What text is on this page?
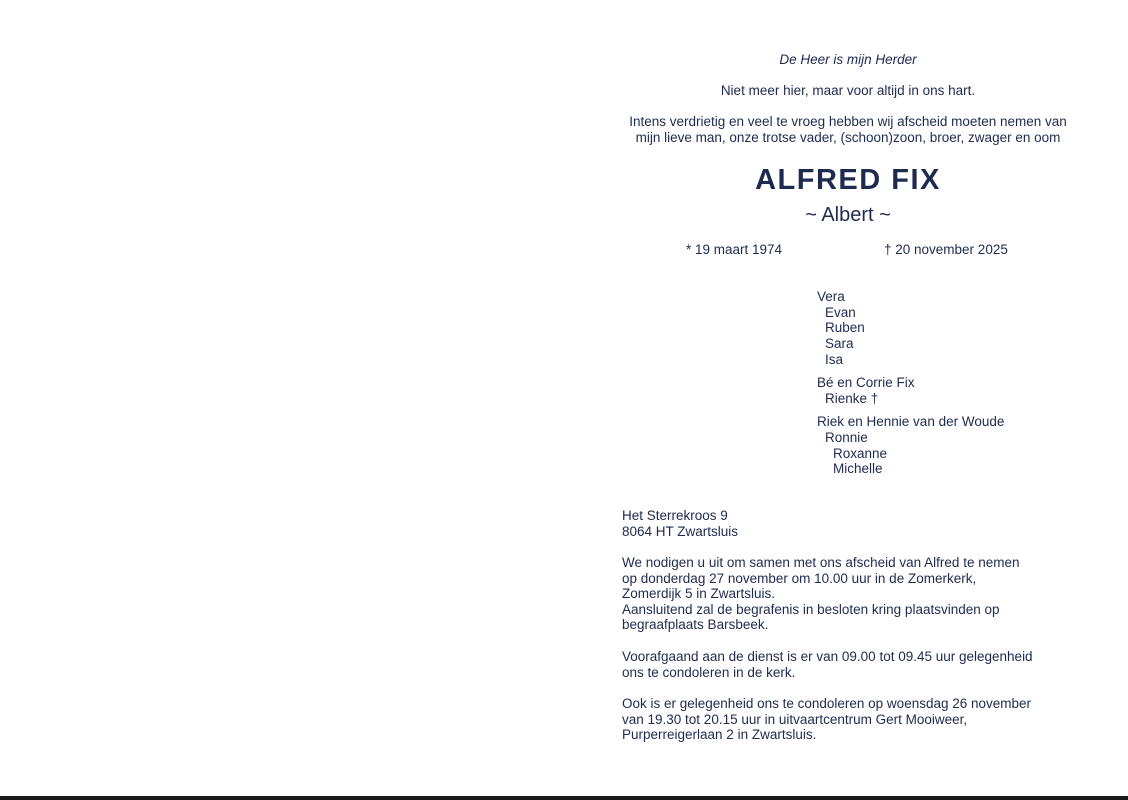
De Heer is mijn Herder
Niet meer hier, maar voor altijd in ons hart.
Intens verdrietig en veel te vroeg hebben wij afscheid moeten nemen van
mijn lieve man, onze trotse vader, (schoon)zoon, broer, zwager en oom
ALFRED FIX
~ Albert ~
* 19 maart 1974	† 20 november 2025
Vera
Evan
Ruben
Sara
Isa
Bé en Corrie Fix
Rienke †
Riek en Hennie van der Woude
Ronnie
Roxanne
Michelle
Het Sterrekroos 9
8064 HT Zwartsluis
We nodigen u uit om samen met ons afscheid van Alfred te nemen
op donderdag 27 november om 10.00 uur in de Zomerkerk,
Zomerdijk 5 in Zwartsluis.
Aansluitend zal de begrafenis in besloten kring plaatsvinden op
begraafplaats Barsbeek.
Voorafgaand aan de dienst is er van 09.00 tot 09.45 uur gelegenheid
ons te condoleren in de kerk.
Ook is er gelegenheid ons te condoleren op woensdag 26 november
van 19.30 tot 20.15 uur in uitvaartcentrum Gert Mooiweer,
Purperreigerlaan 2 in Zwartsluis.
